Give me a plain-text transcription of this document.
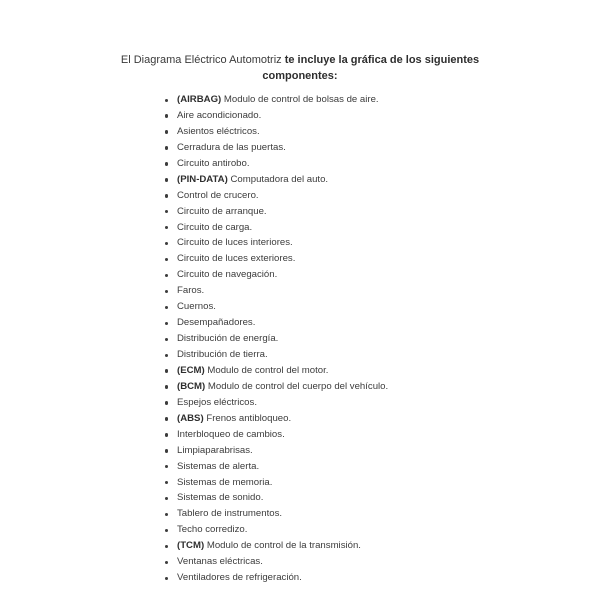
El Diagrama Eléctrico Automotriz te incluye la gráfica de los siguientes componentes:

(AIRBAG) Modulo de control de bolsas de aire.
Aire acondicionado.
Asientos eléctricos.
Cerradura de las puertas.
Circuito antirobo.
(PIN-DATA) Computadora del auto.
Control de crucero.
Circuito de arranque.
Circuito de carga.
Circuito de luces interiores.
Circuito de luces exteriores.
Circuito de navegación.
Faros.
Cuernos.
Desempañadores.
Distribución de energía.
Distribución de tierra.
(ECM) Modulo de control del motor.
(BCM) Modulo de control del cuerpo del vehículo.
Espejos eléctricos.
(ABS) Frenos antibloqueo.
Interbloqueo de cambios.
Limpiaparabrisas.
Sistemas de alerta.
Sistemas de memoria.
Sistemas de sonido.
Tablero de instrumentos.
Techo corredizo.
(TCM) Modulo de control de la transmisión.
Ventanas eléctricas.
Ventiladores de refrigeración.
